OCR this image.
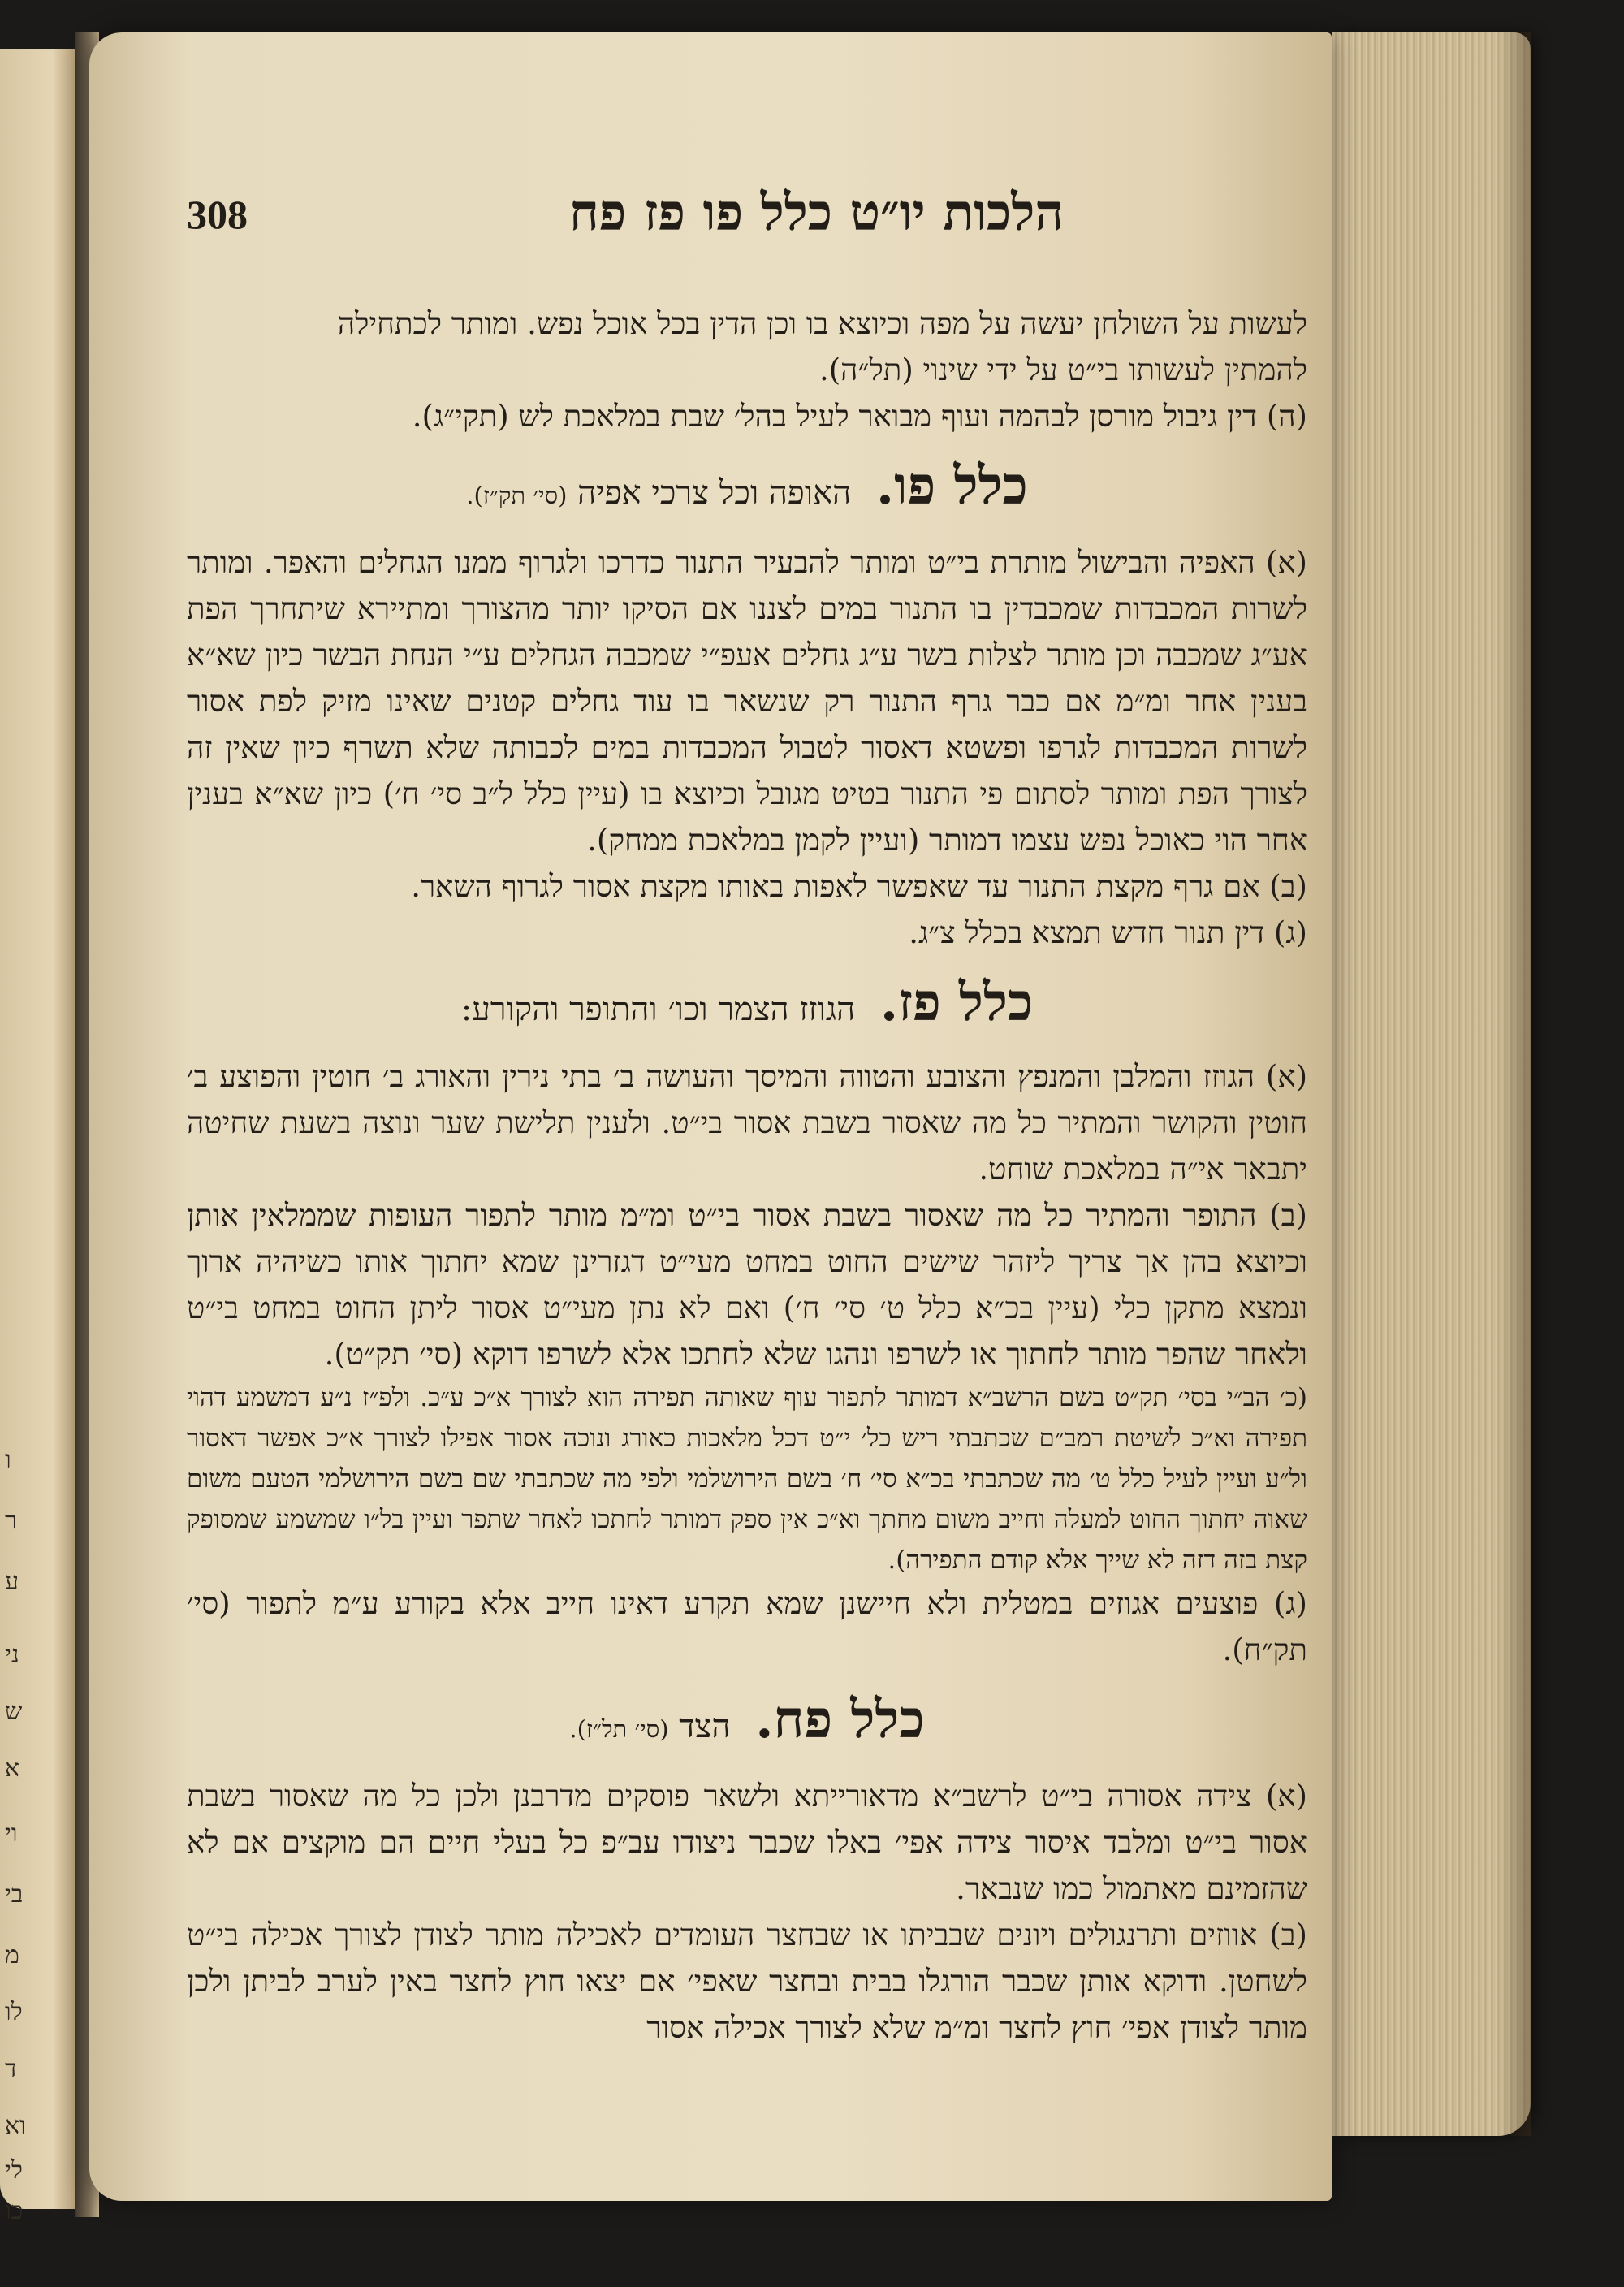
ו
ר
ע
ני
ש
א
וי
בי
מ
לו
ד
וא
לי
כו
308	הלכות יו״ט כלל פו פז פח

לעשות על השולחן יעשה על מפה וכיוצא בו וכן הדין בכל אוכל נפש. ומותר לכתחילה

להמתין לעשותו בי״ט על ידי שינוי (תל״ה).

(ה) דין גיבול מורסן לבהמה ועוף מבואר לעיל בהל׳ שבת במלאכת לש (תקי״ג).

כלל פו. האופה וכל צרכי אפיה (סי׳ תק״ז).

(א) האפיה והבישול מותרת בי״ט ומותר להבעיר התנור כדרכו ולגרוף ממנו הגחלים והאפר. ומותר לשרות המכבדות שמכבדין בו התנור במים לצננו אם הסיקו יותר מהצורך ומתיירא שיתחרך הפת אע״ג שמכבה וכן מותר לצלות בשר ע״ג גחלים אעפ״י שמכבה הגחלים ע״י הנחת הבשר כיון שא״א בענין אחר ומ״מ אם כבר גרף התנור רק שנשאר בו עוד גחלים קטנים שאינו מזיק לפת אסור לשרות המכבדות לגרפו ופשטא דאסור לטבול המכבדות במים לכבותה שלא תשרף כיון שאין זה לצורך הפת ומותר לסתום פי התנור בטיט מגובל וכיוצא בו (עיין כלל ל״ב סי׳ ח׳) כיון שא״א בענין אחר הוי כאוכל נפש עצמו דמותר (ועיין לקמן במלאכת ממחק).

(ב) אם גרף מקצת התנור עד שאפשר לאפות באותו מקצת אסור לגרוף השאר.

(ג) דין תנור חדש תמצא בכלל צ״ג.

כלל פז. הגוזז הצמר וכו׳ והתופר והקורע:

(א) הגוזז והמלבן והמנפץ והצובע והטווה והמיסך והעושה ב׳ בתי נירין והאורג ב׳ חוטין והפוצע ב׳ חוטין והקושר והמתיר כל מה שאסור בשבת אסור בי״ט. ולענין תלישת שער ונוצה בשעת שחיטה יתבאר אי״ה במלאכת שוחט.

(ב) התופר והמתיר כל מה שאסור בשבת אסור בי״ט ומ״מ מותר לתפור העופות שממלאין אותן וכיוצא בהן אך צריך ליזהר שישים החוט במחט מעי״ט דגזרינן שמא יחתוך אותו כשיהיה ארוך ונמצא מתקן כלי (עיין בכ״א כלל ט׳ סי׳ ח׳) ואם לא נתן מעי״ט אסור ליתן החוט במחט בי״ט ולאחר שהפר מותר לחתוך או לשרפו ונהגו שלא לחתכו אלא לשרפו דוקא (סי׳ תק״ט).

(כ׳ הב״י בסי׳ תק״ט בשם הרשב״א דמותר לתפור עוף שאותה תפירה הוא לצורך א״כ ע״כ. ולפ״ז נ״ע דמשמע דהוי תפירה וא״כ לשיטת רמב״ם שכתבתי ריש כל׳ י״ט דכל מלאכות כאורג ונוכה אסור אפילו לצורך א״כ אפשר דאסור ול״ע ועיין לעיל כלל ט׳ מה שכתבתי בכ״א סי׳ ח׳ בשם הירושלמי ולפי מה שכתבתי שם בשם הירושלמי הטעם משום שאוה יחתוך החוט למעלה וחייב משום מחתך וא״כ אין ספק דמותר לחתכו לאחר שתפר ועיין בל״ו שמשמע שמסופק קצת בזה דזה לא שייך אלא קודם התפירה).

(ג) פוצעים אגוזים במטלית ולא חיישנן שמא תקרע דאינו חייב אלא בקורע ע״מ לתפור (סי׳ תק״ח).

כלל פח. הצד (סי׳ תל״ז).

(א) צידה אסורה בי״ט לרשב״א מדאורייתא ולשאר פוסקים מדרבנן ולכן כל מה שאסור בשבת אסור בי״ט ומלבד איסור צידה אפי׳ באלו שכבר ניצודו עב״פ כל בעלי חיים הם מוקצים אם לא שהזמינם מאתמול כמו שנבאר.

(ב) אווזים ותרנגולים ויונים שבביתו או שבחצר העומדים לאכילה מותר לצודן לצורך אכילה בי״ט לשחטן. ודוקא אותן שכבר הורגלו בבית ובחצר שאפי׳ אם יצאו חוץ לחצר באין לערב לביתן ולכן מותר לצודן אפי׳ חוץ לחצר ומ״מ שלא לצורך אכילה אסור
